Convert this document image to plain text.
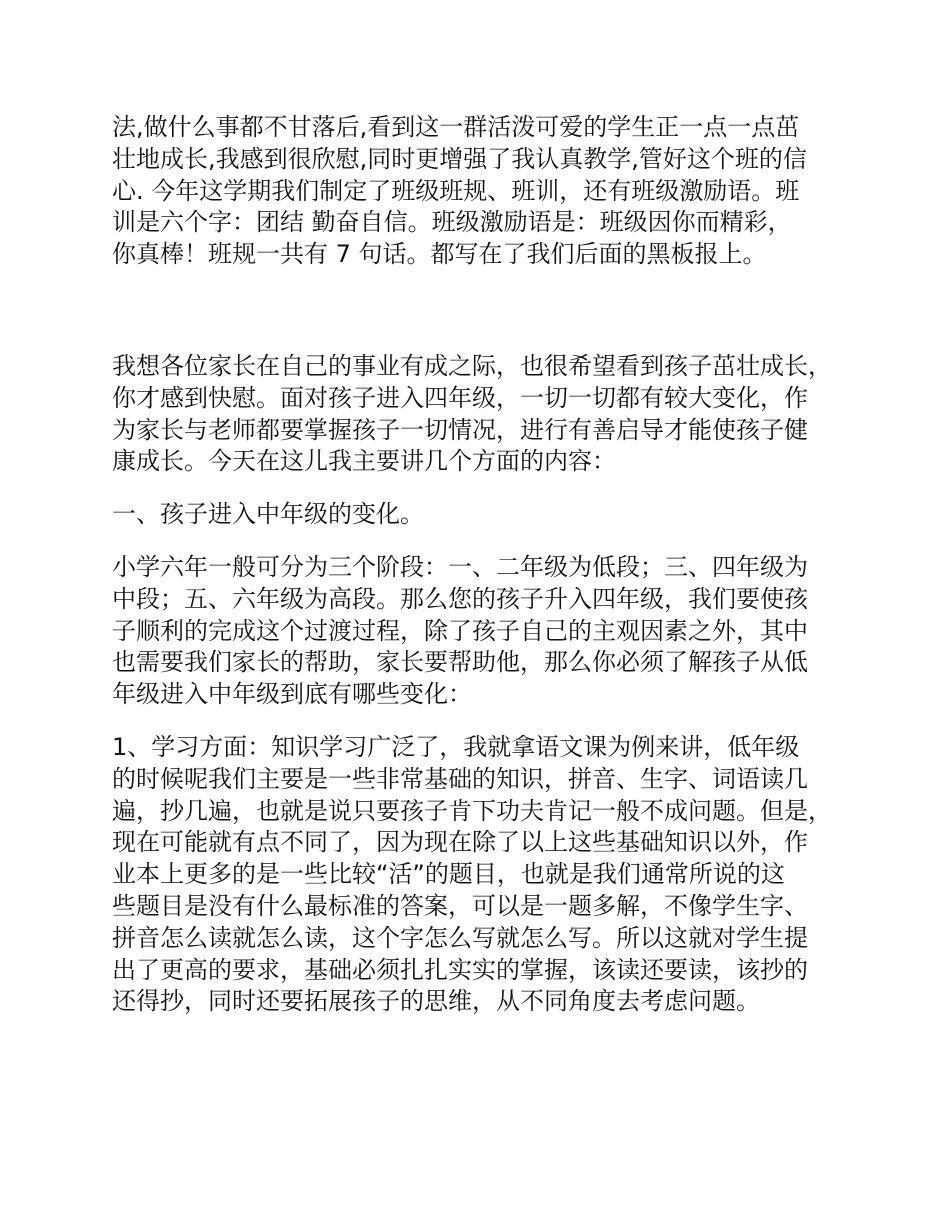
法,做什么事都不甘落后,看到这一群活泼可爱的学生正一点一点茁
壮地成长,我感到很欣慰,同时更增强了我认真教学,管好这个班的信
心. 今年这学期我们制定了班级班规、班训，还有班级激励语。班
训是六个字：团结 勤奋自信。班级激励语是：班级因你而精彩，
你真棒！班规一共有 7 句话。都写在了我们后面的黑板报上。
我想各位家长在自己的事业有成之际，也很希望看到孩子茁壮成长，
你才感到快慰。面对孩子进入四年级，一切一切都有较大变化，作
为家长与老师都要掌握孩子一切情况，进行有善启导才能使孩子健
康成长。今天在这儿我主要讲几个方面的内容：
一、孩子进入中年级的变化。
小学六年一般可分为三个阶段：一、二年级为低段；三、四年级为
中段；五、六年级为高段。那么您的孩子升入四年级，我们要使孩
子顺利的完成这个过渡过程，除了孩子自己的主观因素之外，其中
也需要我们家长的帮助，家长要帮助他，那么你必须了解孩子从低
年级进入中年级到底有哪些变化：
1、学习方面：知识学习广泛了，我就拿语文课为例来讲，低年级
的时候呢我们主要是一些非常基础的知识，拼音、生字、词语读几
遍，抄几遍，也就是说只要孩子肯下功夫肯记一般不成问题。但是，
现在可能就有点不同了，因为现在除了以上这些基础知识以外，作
业本上更多的是一些比较“活”的题目，也就是我们通常所说的这
些题目是没有什么最标准的答案，可以是一题多解，不像学生字、
拼音怎么读就怎么读，这个字怎么写就怎么写。所以这就对学生提
出了更高的要求，基础必须扎扎实实的掌握，该读还要读，该抄的
还得抄，同时还要拓展孩子的思维，从不同角度去考虑问题。
